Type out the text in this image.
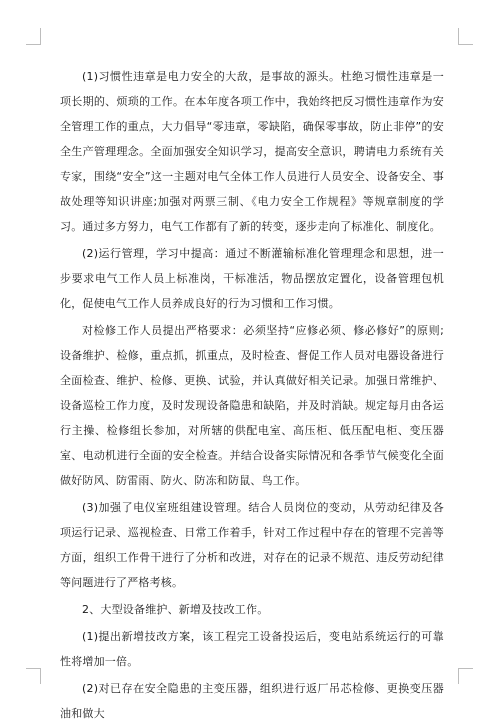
(1)习惯性违章是电力安全的大敌，是事故的源头。杜绝习惯性违章是一项长期的、烦琐的工作。在本年度各项工作中，我始终把反习惯性违章作为安全管理工作的重点，大力倡导“零违章，零缺陷，确保零事故，防止非停”的安全生产管理理念。全面加强安全知识学习，提高安全意识，聘请电力系统有关专家，围绕“安全”这一主题对电气全体工作人员进行人员安全、设备安全、事故处理等知识讲座;加强对两票三制、《电力安全工作规程》等规章制度的学习。通过多方努力，电气工作都有了新的转变，逐步走向了标准化、制度化。

(2)运行管理，学习中提高：通过不断灌输标准化管理理念和思想，进一步要求电气工作人员上标准岗，干标准活，物品摆放定置化，设备管理包机化，促使电气工作人员养成良好的行为习惯和工作习惯。

对检修工作人员提出严格要求：必须坚持“应修必须、修必修好”的原则;设备维护、检修，重点抓，抓重点，及时检查、督促工作人员对电器设备进行全面检查、维护、检修、更换、试验，并认真做好相关记录。加强日常维护、设备巡检工作力度，及时发现设备隐患和缺陷，并及时消缺。规定每月由各运行主操、检修组长参加，对所辖的供配电室、高压柜、低压配电柜、变压器室、电动机进行全面的安全检查。并结合设备实际情况和各季节气候变化全面做好防风、防雷雨、防火、防冻和防鼠、鸟工作。

(3)加强了电仪室班组建设管理。结合人员岗位的变动，从劳动纪律及各项运行记录、巡视检查、日常工作着手，针对工作过程中存在的管理不完善等方面，组织工作骨干进行了分析和改进，对存在的记录不规范、违反劳动纪律等问题进行了严格考核。

2、大型设备维护、新增及技改工作。

(1)提出新增技改方案，该工程完工设备投运后，变电站系统运行的可靠性将增加一倍。

(2)对已存在安全隐患的主变压器，组织进行返厂吊芯检修、更换变压器油和做大
